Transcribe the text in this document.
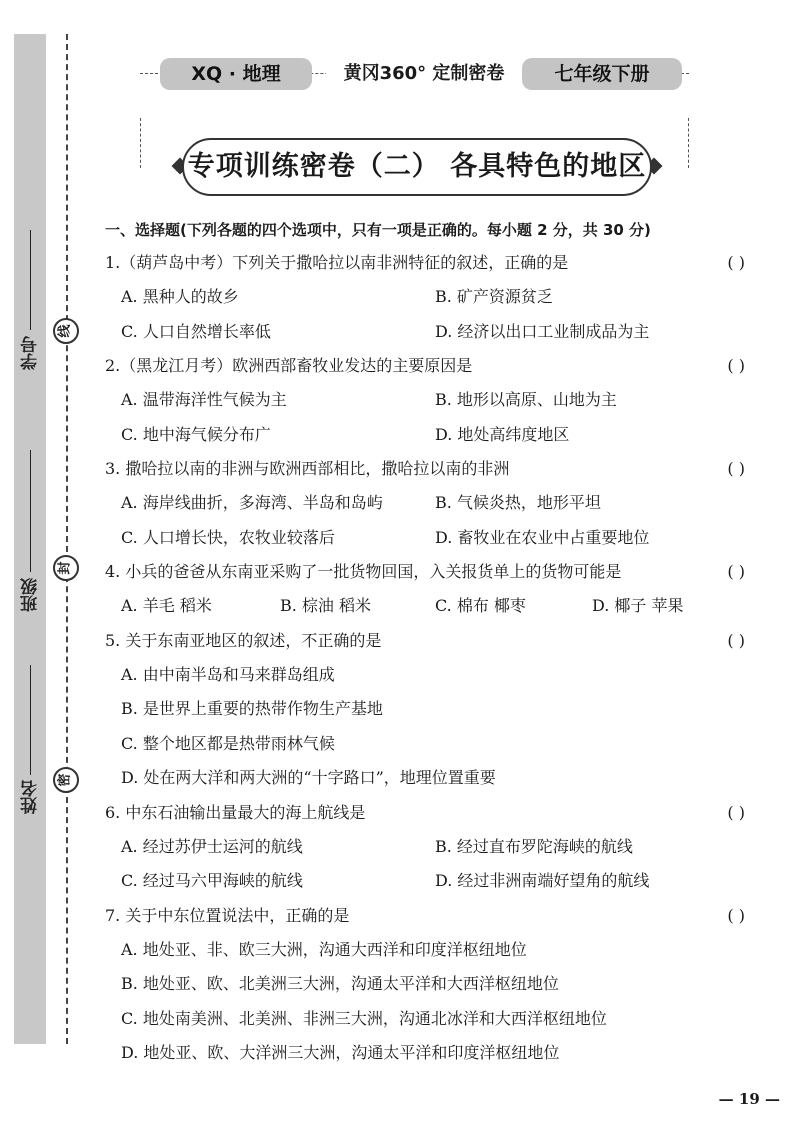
学号
班级
姓名
线
封
密
XQ · 地理	黄冈360° 定制密卷	七年级下册
专项训练密卷（二） 各具特色的地区
一、选择题(下列各题的四个选项中，只有一项是正确的。每小题 2 分，共 30 分)
1.（葫芦岛中考）下列关于撒哈拉以南非洲特征的叙述，正确的是	( )
A. 黑种人的故乡	B. 矿产资源贫乏
C. 人口自然增长率低	D. 经济以出口工业制成品为主
2.（黑龙江月考）欧洲西部畜牧业发达的主要原因是	( )
A. 温带海洋性气候为主	B. 地形以高原、山地为主
C. 地中海气候分布广	D. 地处高纬度地区
3. 撒哈拉以南的非洲与欧洲西部相比，撒哈拉以南的非洲	( )
A. 海岸线曲折，多海湾、半岛和岛屿	B. 气候炎热，地形平坦
C. 人口增长快，农牧业较落后	D. 畜牧业在农业中占重要地位
4. 小兵的爸爸从东南亚采购了一批货物回国，入关报货单上的货物可能是	( )
A. 羊毛 稻米	B. 棕油 稻米	C. 棉布 椰枣	D. 椰子 苹果
5. 关于东南亚地区的叙述，不正确的是	( )
A. 由中南半岛和马来群岛组成
B. 是世界上重要的热带作物生产基地
C. 整个地区都是热带雨林气候
D. 处在两大洋和两大洲的“十字路口”，地理位置重要
6. 中东石油输出量最大的海上航线是	( )
A. 经过苏伊士运河的航线	B. 经过直布罗陀海峡的航线
C. 经过马六甲海峡的航线	D. 经过非洲南端好望角的航线
7. 关于中东位置说法中，正确的是	( )
A. 地处亚、非、欧三大洲，沟通大西洋和印度洋枢纽地位
B. 地处亚、欧、北美洲三大洲，沟通太平洋和大西洋枢纽地位
C. 地处南美洲、北美洲、非洲三大洲，沟通北冰洋和大西洋枢纽地位
D. 地处亚、欧、大洋洲三大洲，沟通太平洋和印度洋枢纽地位
— 19 —
